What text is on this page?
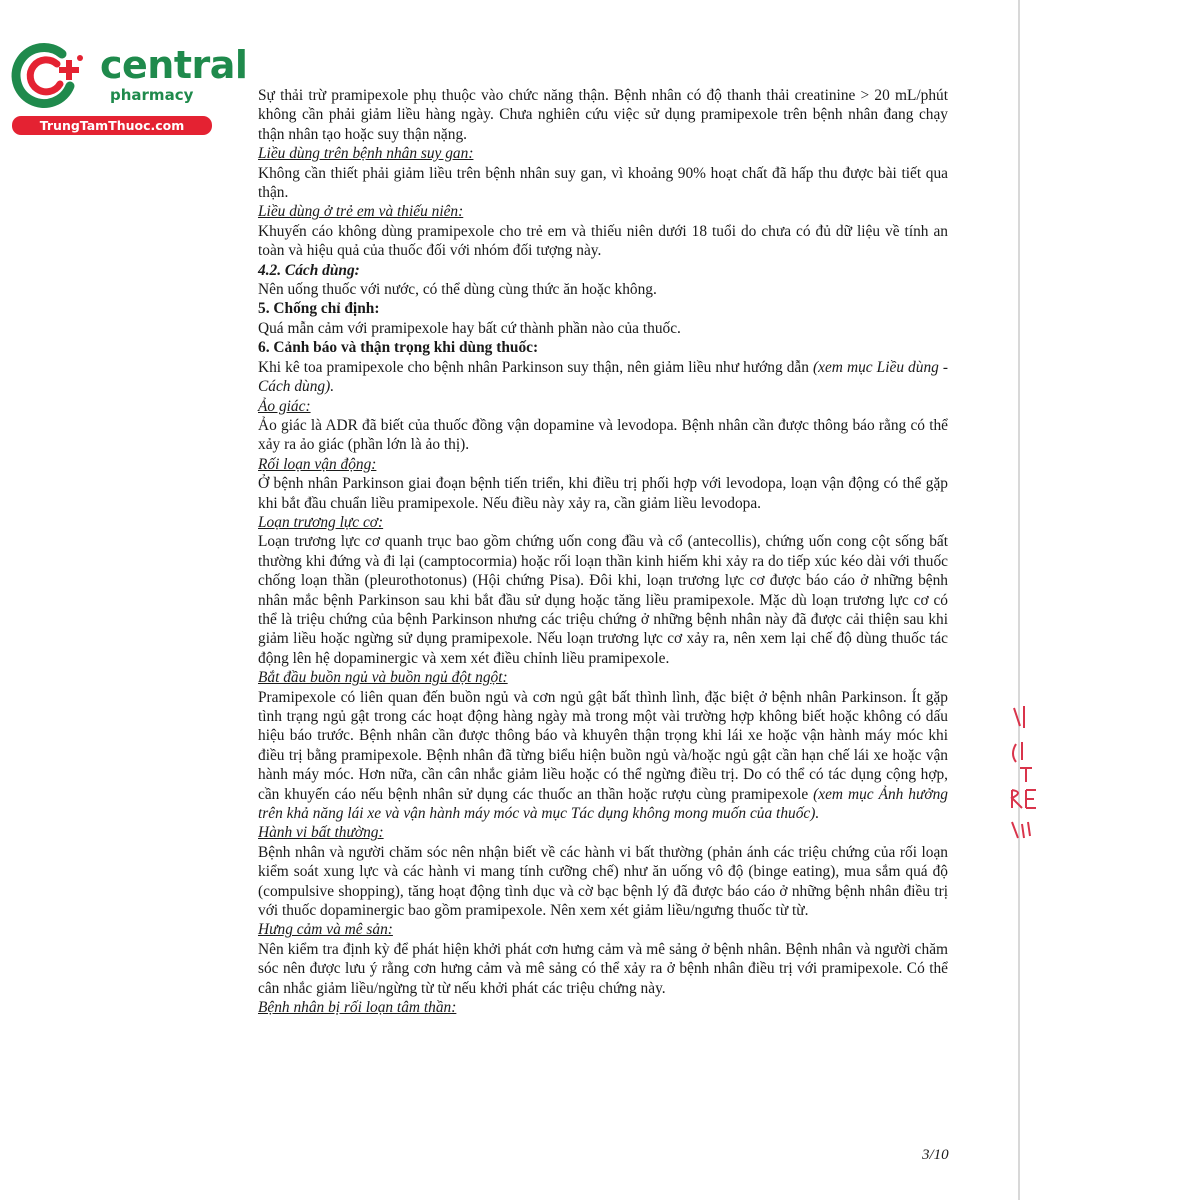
central
pharmacy
TrungTamThuoc.com

Sự thải trừ pramipexole phụ thuộc vào chức năng thận. Bệnh nhân có độ thanh thải creatinine > 20 mL/phút không cần phải giảm liều hàng ngày. Chưa nghiên cứu việc sử dụng pramipexole trên bệnh nhân đang chạy thận nhân tạo hoặc suy thận nặng.

Liều dùng trên bệnh nhân suy gan:

Không cần thiết phải giảm liều trên bệnh nhân suy gan, vì khoảng 90% hoạt chất đã hấp thu được bài tiết qua thận.

Liều dùng ở trẻ em và thiếu niên:

Khuyến cáo không dùng pramipexole cho trẻ em và thiếu niên dưới 18 tuổi do chưa có đủ dữ liệu về tính an toàn và hiệu quả của thuốc đối với nhóm đối tượng này.

4.2. Cách dùng:

Nên uống thuốc với nước, có thể dùng cùng thức ăn hoặc không.

5. Chống chỉ định:

Quá mẫn cảm với pramipexole hay bất cứ thành phần nào của thuốc.

6. Cảnh báo và thận trọng khi dùng thuốc:

Khi kê toa pramipexole cho bệnh nhân Parkinson suy thận, nên giảm liều như hướng dẫn (xem mục Liều dùng - Cách dùng).

Ảo giác:

Ảo giác là ADR đã biết của thuốc đồng vận dopamine và levodopa. Bệnh nhân cần được thông báo rằng có thể xảy ra ảo giác (phần lớn là ảo thị).

Rối loạn vận động:

Ở bệnh nhân Parkinson giai đoạn bệnh tiến triển, khi điều trị phối hợp với levodopa, loạn vận động có thể gặp khi bắt đầu chuẩn liều pramipexole. Nếu điều này xảy ra, cần giảm liều levodopa.

Loạn trương lực cơ:

Loạn trương lực cơ quanh trục bao gồm chứng uốn cong đầu và cổ (antecollis), chứng uốn cong cột sống bất thường khi đứng và đi lại (camptocormia) hoặc rối loạn thần kinh hiếm khi xảy ra do tiếp xúc kéo dài với thuốc chống loạn thần (pleurothotonus) (Hội chứng Pisa). Đôi khi, loạn trương lực cơ được báo cáo ở những bệnh nhân mắc bệnh Parkinson sau khi bắt đầu sử dụng hoặc tăng liều pramipexole. Mặc dù loạn trương lực cơ có thể là triệu chứng của bệnh Parkinson nhưng các triệu chứng ở những bệnh nhân này đã được cải thiện sau khi giảm liều hoặc ngừng sử dụng pramipexole. Nếu loạn trương lực cơ xảy ra, nên xem lại chế độ dùng thuốc tác động lên hệ dopaminergic và xem xét điều chỉnh liều pramipexole.

Bắt đầu buồn ngủ và buồn ngủ đột ngột:

Pramipexole có liên quan đến buồn ngủ và cơn ngủ gật bất thình lình, đặc biệt ở bệnh nhân Parkinson. Ít gặp tình trạng ngủ gật trong các hoạt động hàng ngày mà trong một vài trường hợp không biết hoặc không có dấu hiệu báo trước. Bệnh nhân cần được thông báo và khuyên thận trọng khi lái xe hoặc vận hành máy móc khi điều trị bằng pramipexole. Bệnh nhân đã từng biểu hiện buồn ngủ và/hoặc ngủ gật cần hạn chế lái xe hoặc vận hành máy móc. Hơn nữa, cần cân nhắc giảm liều hoặc có thể ngừng điều trị. Do có thể có tác dụng cộng hợp, cần khuyến cáo nếu bệnh nhân sử dụng các thuốc an thần hoặc rượu cùng pramipexole (xem mục Ảnh hưởng trên khả năng lái xe và vận hành máy móc và mục Tác dụng không mong muốn của thuốc).

Hành vi bất thường:

Bệnh nhân và người chăm sóc nên nhận biết về các hành vi bất thường (phản ánh các triệu chứng của rối loạn kiểm soát xung lực và các hành vi mang tính cưỡng chế) như ăn uống vô độ (binge eating), mua sắm quá độ (compulsive shopping), tăng hoạt động tình dục và cờ bạc bệnh lý đã được báo cáo ở những bệnh nhân điều trị với thuốc dopaminergic bao gồm pramipexole. Nên xem xét giảm liều/ngưng thuốc từ từ.

Hưng cảm và mê sản:

Nên kiểm tra định kỳ để phát hiện khởi phát cơn hưng cảm và mê sảng ở bệnh nhân. Bệnh nhân và người chăm sóc nên được lưu ý rằng cơn hưng cảm và mê sảng có thể xảy ra ở bệnh nhân điều trị với pramipexole. Có thể cân nhắc giảm liều/ngừng từ từ nếu khởi phát các triệu chứng này.

Bệnh nhân bị rối loạn tâm thần:

3/10
